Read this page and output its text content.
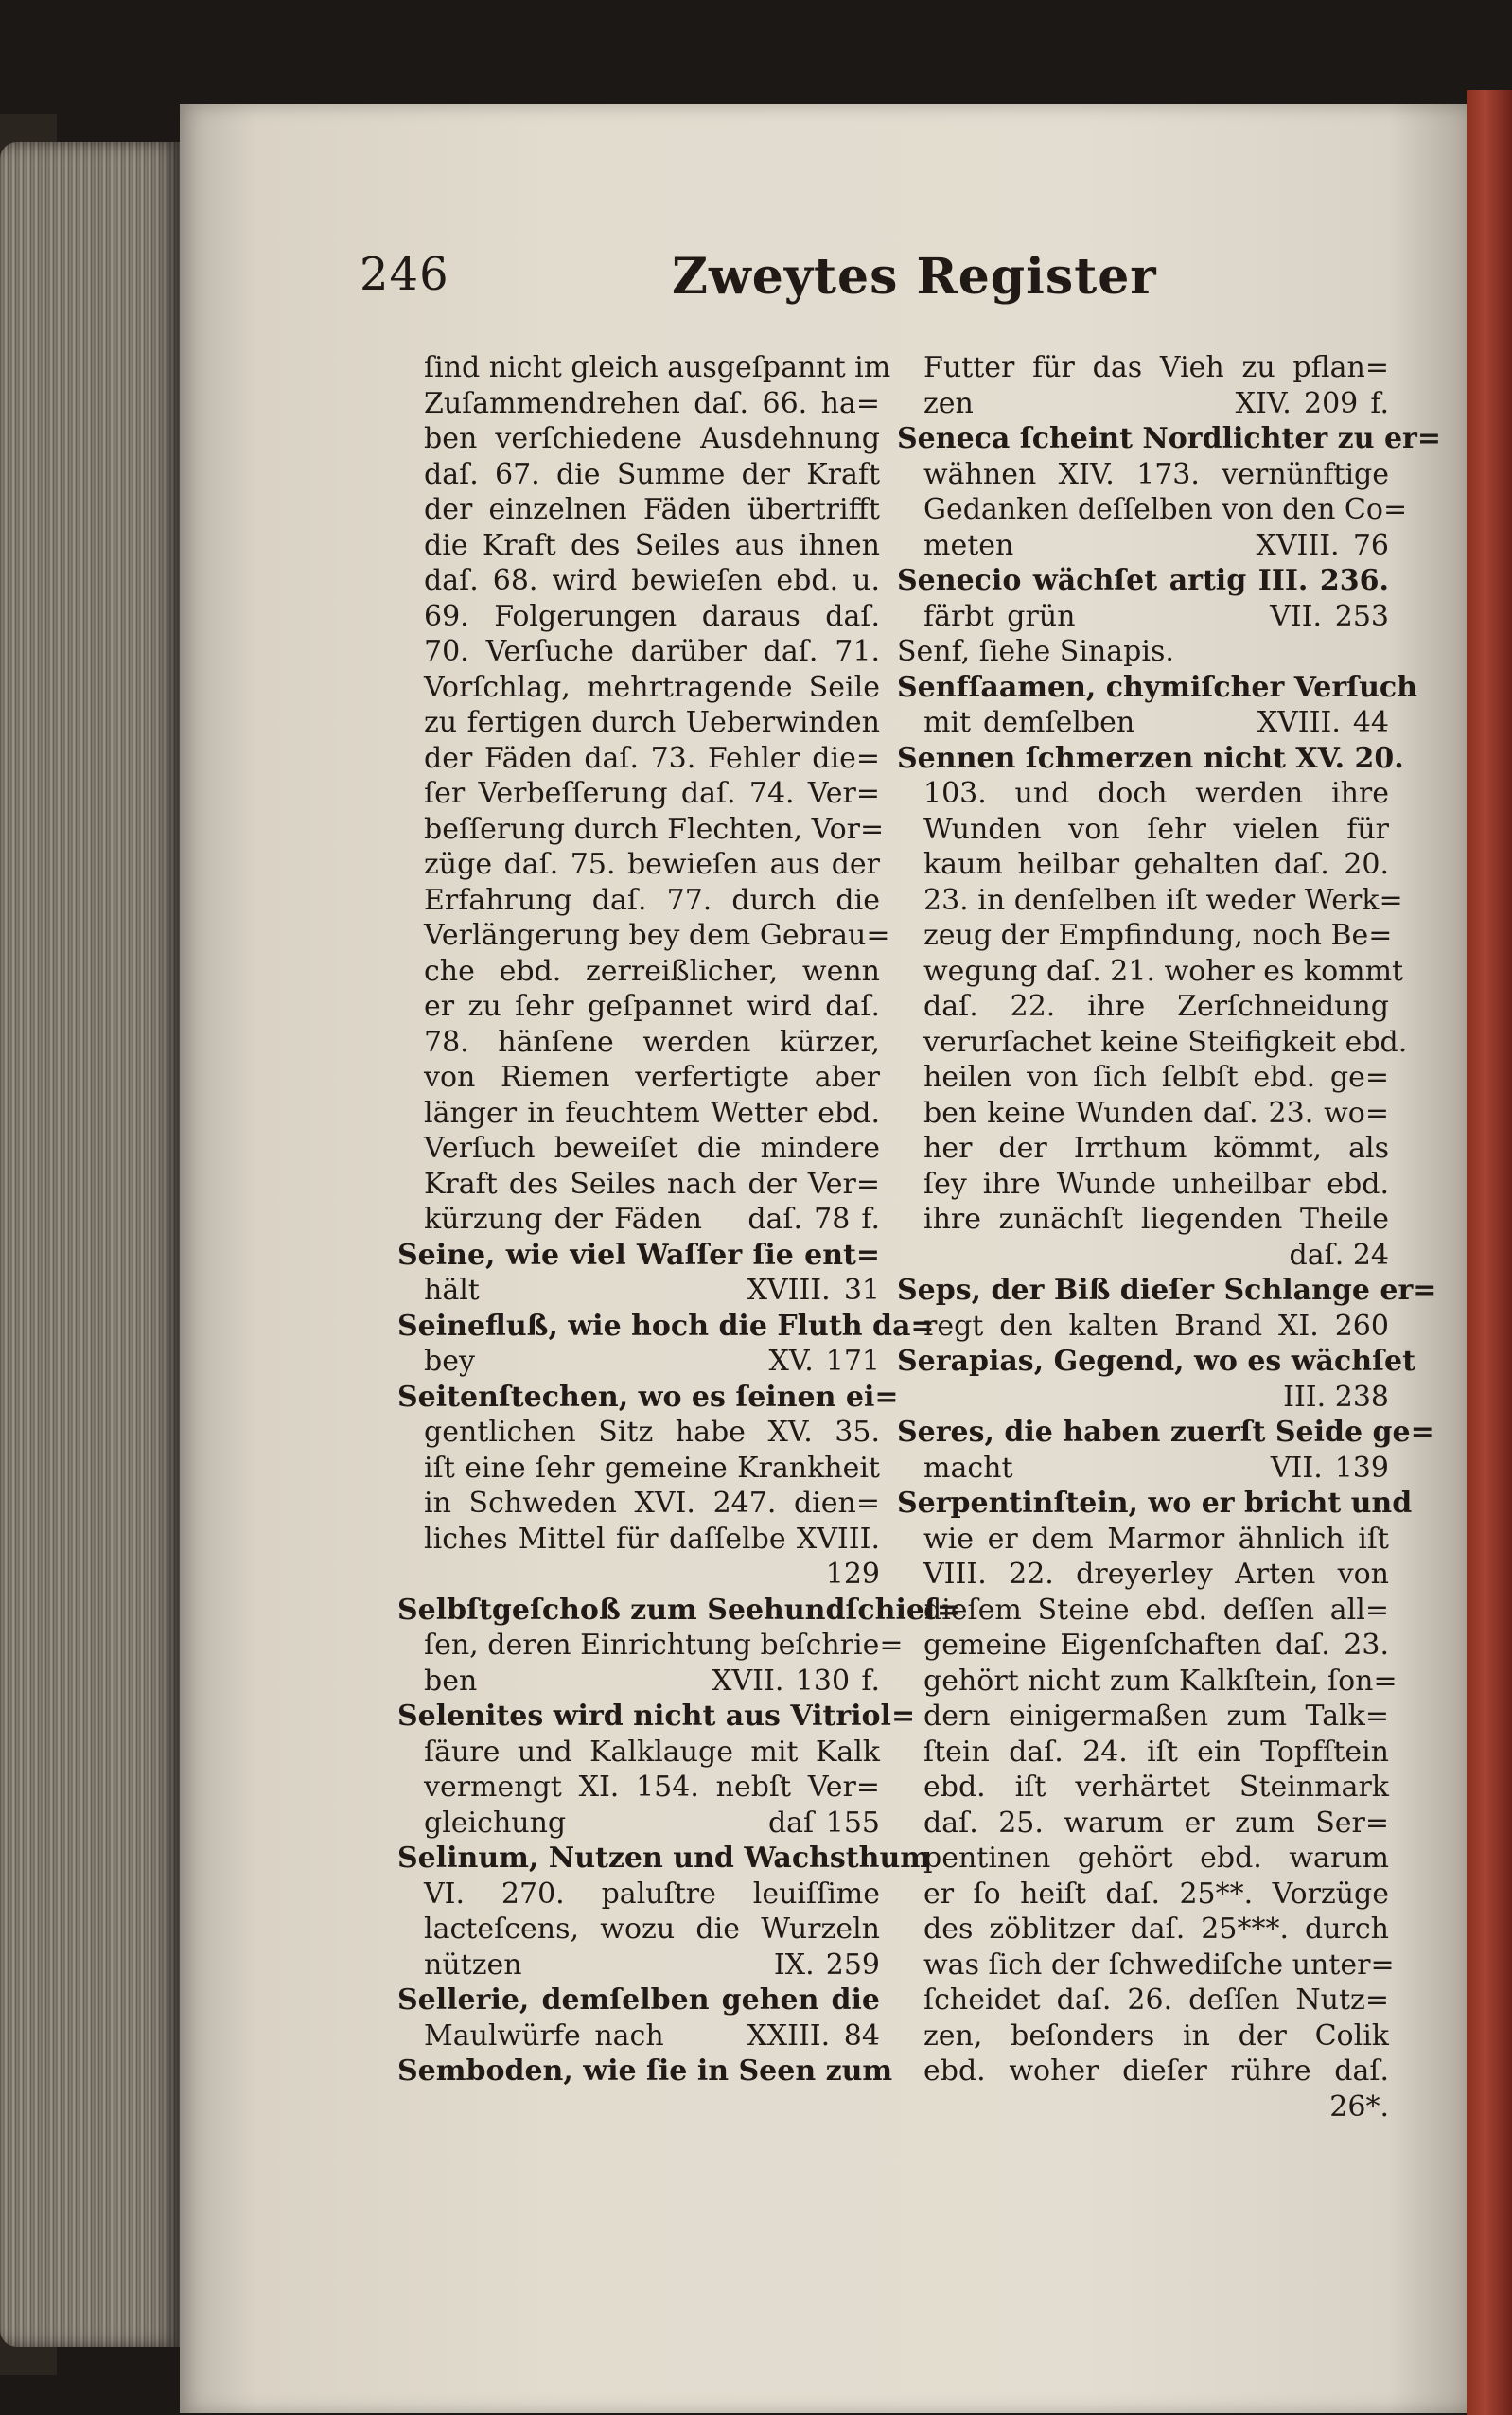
246	Zweytes Register
ſind nicht gleich ausgeſpannt im
Zuſammendrehen daſ. 66. ha=
ben verſchiedene Ausdehnung
daſ. 67. die Summe der Kraft
der einzelnen Fäden übertrifft
die Kraft des Seiles aus ihnen
daſ. 68. wird bewieſen ebd. u.
69. Folgerungen daraus daſ.
70. Verſuche darüber daſ. 71.
Vorſchlag, mehrtragende Seile
zu fertigen durch Ueberwinden
der Fäden daſ. 73. Fehler die=
ſer Verbeſſerung daſ. 74. Ver=
beſſerung durch Flechten, Vor=
züge daſ. 75. bewieſen aus der
Erfahrung daſ. 77. durch die
Verlängerung bey dem Gebrau=
che ebd. zerreißlicher, wenn
er zu ſehr geſpannet wird daſ.
78. hänſene werden kürzer,
von Riemen verfertigte aber
länger in feuchtem Wetter ebd.
Verſuch beweiſet die mindere
Kraft des Seiles nach der Ver=
kürzung der Fäden    daſ. 78 f.
Seine, wie viel Waſſer ſie ent=
hält                    XVIII. 31
Seinefluß, wie hoch die Fluth da=
bey                        XV. 171
Seitenſtechen, wo es ſeinen ei=
gentlichen Sitz habe XV. 35.
iſt eine ſehr gemeine Krankheit
in Schweden XVI. 247. dien=
liches Mittel für daſſelbe XVIII.
129
Selbſtgeſchoß zum Seehundſchieſ=
ſen, deren Einrichtung beſchrie=
ben                    XVII. 130 f.
Selenites wird nicht aus Vitriol=
ſäure und Kalklauge mit Kalk
vermengt XI. 154. nebſt Ver=
gleichung                 daſ 155
Selinum, Nutzen und Wachsthum
VI. 270. paluſtre leuiſſime
lacteſcens, wozu die Wurzeln
nützen                      IX. 259
Sellerie, demſelben gehen die
Maulwürfe nach      XXIII. 84
Semboden, wie ſie in Seen zum
Futter für das Vieh zu pflan=
zen                     XIV. 209 f.
Seneca ſcheint Nordlichter zu er=
wähnen XIV. 173. vernünftige
Gedanken deſſelben von den Co=
meten                  XVIII. 76
Senecio wächſet artig III. 236.
färbt grün               VII. 253
Senf, ſiehe Sinapis.
Senfſaamen, chymiſcher Verſuch
mit demſelben          XVIII. 44
Sennen ſchmerzen nicht XV. 20.
103. und doch werden ihre
Wunden von ſehr vielen für
kaum heilbar gehalten daſ. 20.
23. in denſelben iſt weder Werk=
zeug der Empfindung, noch Be=
wegung daſ. 21. woher es kommt
daſ. 22. ihre Zerſchneidung
verurſachet keine Steifigkeit ebd.
heilen von ſich ſelbſt ebd. ge=
ben keine Wunden daſ. 23. wo=
her der Irrthum kömmt, als
ſey ihre Wunde unheilbar ebd.
ihre zunächſt liegenden Theile
daſ. 24
Seps, der Biß dieſer Schlange er=
regt den kalten Brand XI. 260
Serapias, Gegend, wo es wächſet
III. 238
Seres, die haben zuerſt Seide ge=
macht                     VII. 139
Serpentinſtein, wo er bricht und
wie er dem Marmor ähnlich iſt
VIII. 22. dreyerley Arten von
dieſem Steine ebd. deſſen all=
gemeine Eigenſchaften daſ. 23.
gehört nicht zum Kalkſtein, ſon=
dern einigermaßen zum Talk=
ſtein daſ. 24. iſt ein Topfſtein
ebd. iſt verhärtet Steinmark
daſ. 25. warum er zum Ser=
pentinen gehört ebd. warum
er ſo heiſt daſ. 25**. Vorzüge
des zöblitzer daſ. 25***. durch
was ſich der ſchwediſche unter=
ſcheidet daſ. 26. deſſen Nutz=
zen, beſonders in der Colik
ebd. woher dieſer rühre daſ.
26*.
